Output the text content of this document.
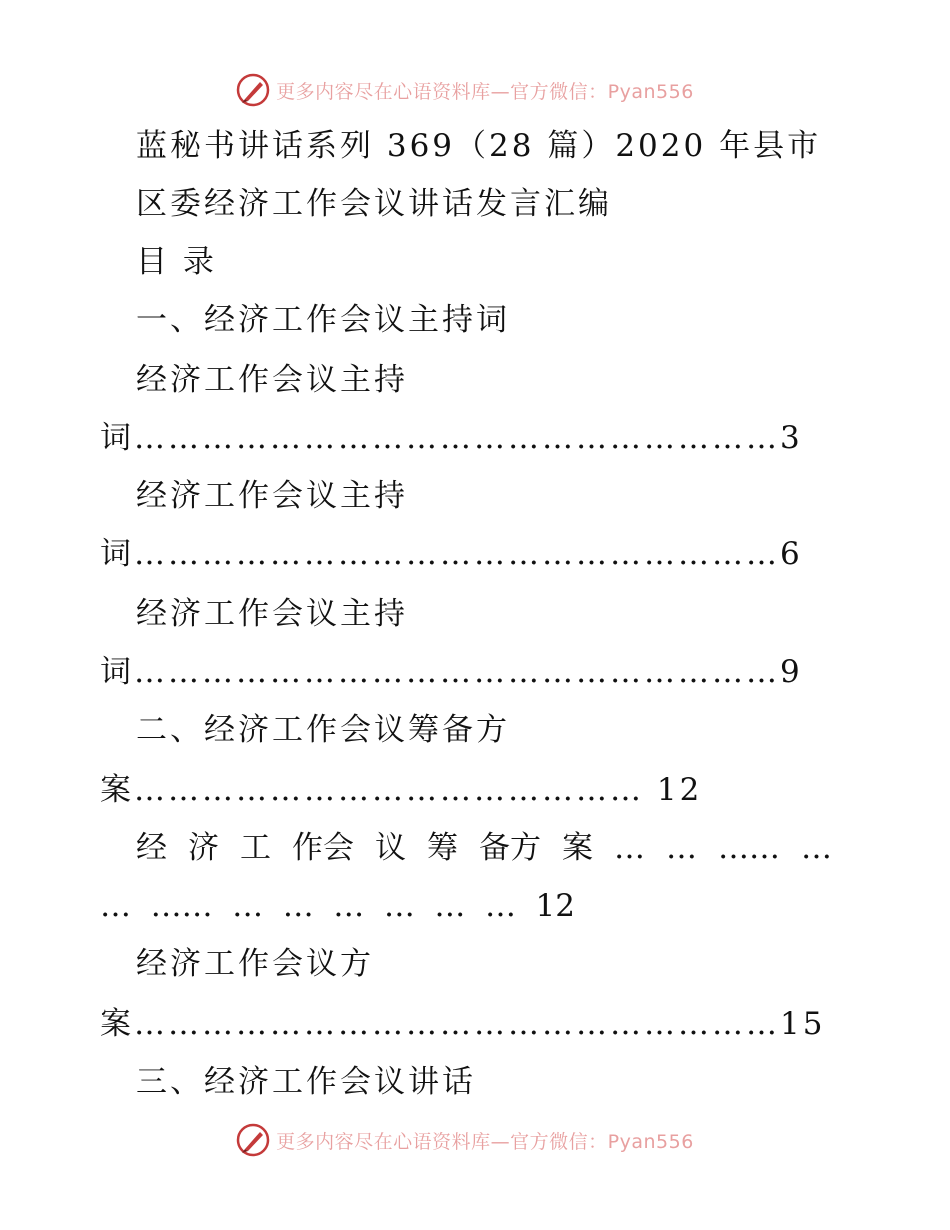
更多内容尽在心语资料库—官方微信：Pyan556
蓝秘书讲话系列 369（28 篇）2020 年县市
区委经济工作会议讲话发言汇编
目 录
一、经济工作会议主持词
经济工作会议主持
词…………………………………………………3
经济工作会议主持
词…………………………………………………6
经济工作会议主持
词…………………………………………………9
二、经济工作会议筹备方
案……………………………………… 12
经 济 工 作会 议 筹 备方 案 … … …… …
… …… … … … … … … 12
经济工作会议方
案…………………………………………………15
三、经济工作会议讲话
更多内容尽在心语资料库—官方微信：Pyan556
